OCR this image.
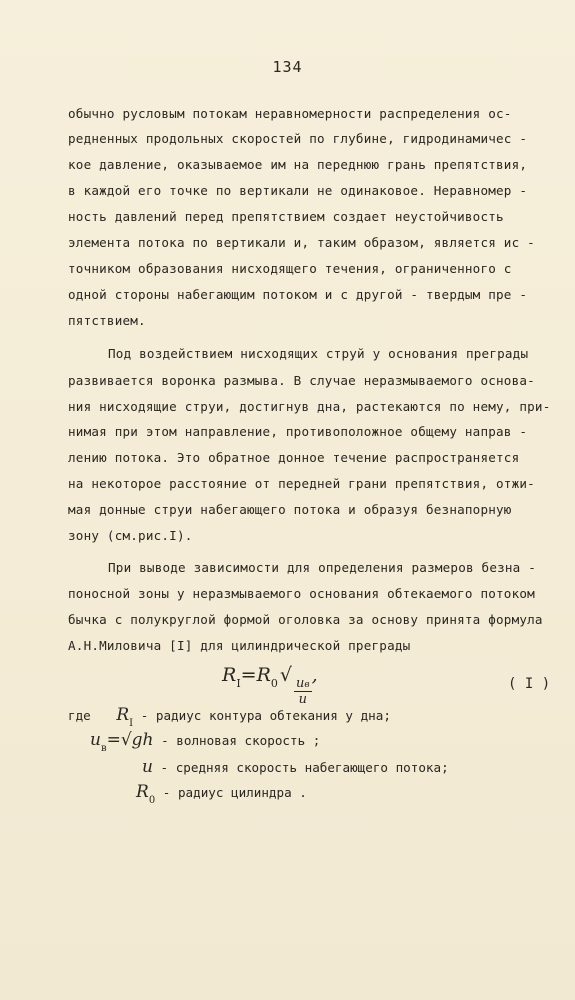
134
обычно русловым потокам неравномерности распределения ос-
редненных продольных скоростей по глубине, гидродинамичес -
кое давление, оказываемое им на переднюю грань препятствия,
в каждой его точке по вертикали не одинаковое. Неравномер -
ность давлений перед препятствием создает неустойчивость
элемента потока по вертикали и, таким образом, является ис -
точником образования нисходящего течения, ограниченного с
одной стороны набегающим потоком и с другой - твердым пре -
пятствием.
Под воздействием нисходящих струй у основания преграды
развивается воронка размыва. В случае неразмываемого основа-
ния нисходящие струи, достигнув дна, растекаются по нему, при-
нимая при этом направление, противоположное общему направ -
лению потока. Это обратное донное течение распространяется
на некоторое расстояние от передней грани препятствия, отжи-
мая донные струи набегающего потока и образуя безнапорную
зону (см.рис.I).
При выводе зависимости для определения размеров безна -
поносной зоны у неразмываемого основания обтекаемого потоком
бычка с полукруглой формой оголовка за основу принята формула
А.Н.Миловича [I] для цилиндрической преграды
$R_I=R_0$ √
$\frac{uв}{u}$
,	( I )
где $R_I$ - радиус контура обтекания у дна;
$u_в=√gh$ - волновая скорость ;
u - средняя скорость набегающего потока;
$R_0$ - радиус цилиндра .
